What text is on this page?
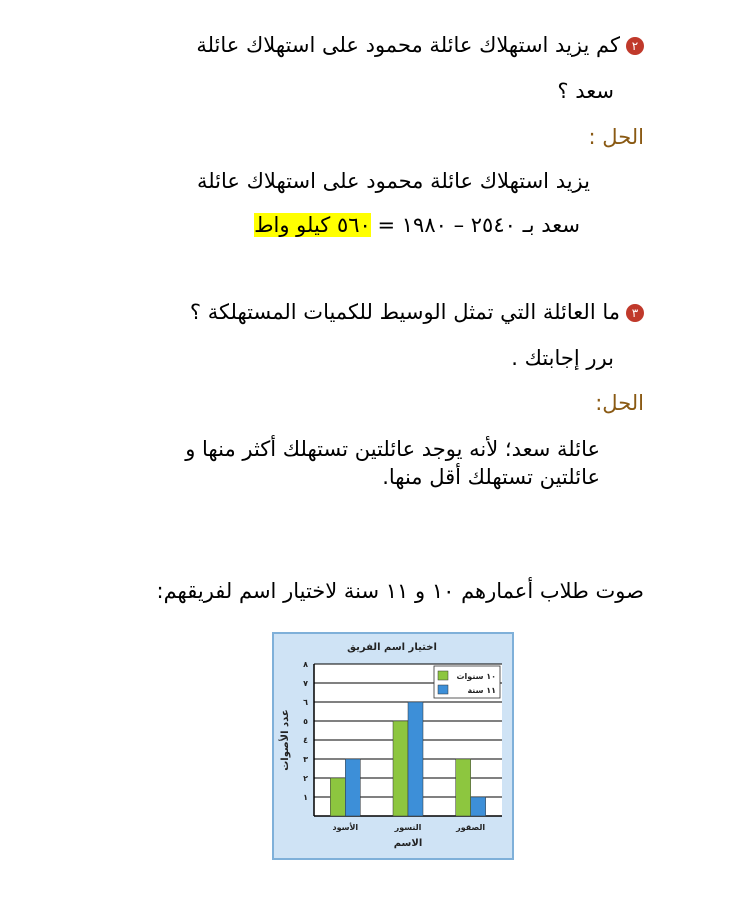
٢كم يزيد استهلاك عائلة محمود على استهلاك عائلة
سعد ؟
الحل :
يزيد استهلاك عائلة محمود على استهلاك عائلة
سعد بـ ٢٥٤٠ – ١٩٨٠ = ٥٦٠ كيلو واط
٣ما العائلة التي تمثل الوسيط للكميات المستهلكة ؟
برر إجابتك .
الحل:
عائلة سعد؛ لأنه يوجد عائلتين تستهلك أكثر منها و
عائلتين تستهلك أقل منها.
صوت طلاب أعمارهم ١٠ و ١١ سنة لاختيار اسم لفريقهم:
١
٢
٣
٤
٥
٦
٧
٨
الأسود	النسور	الصقور
اختيار اسم الفريق
الاسم
عدد الأصوات
١٠ سنوات
١١ سنة
